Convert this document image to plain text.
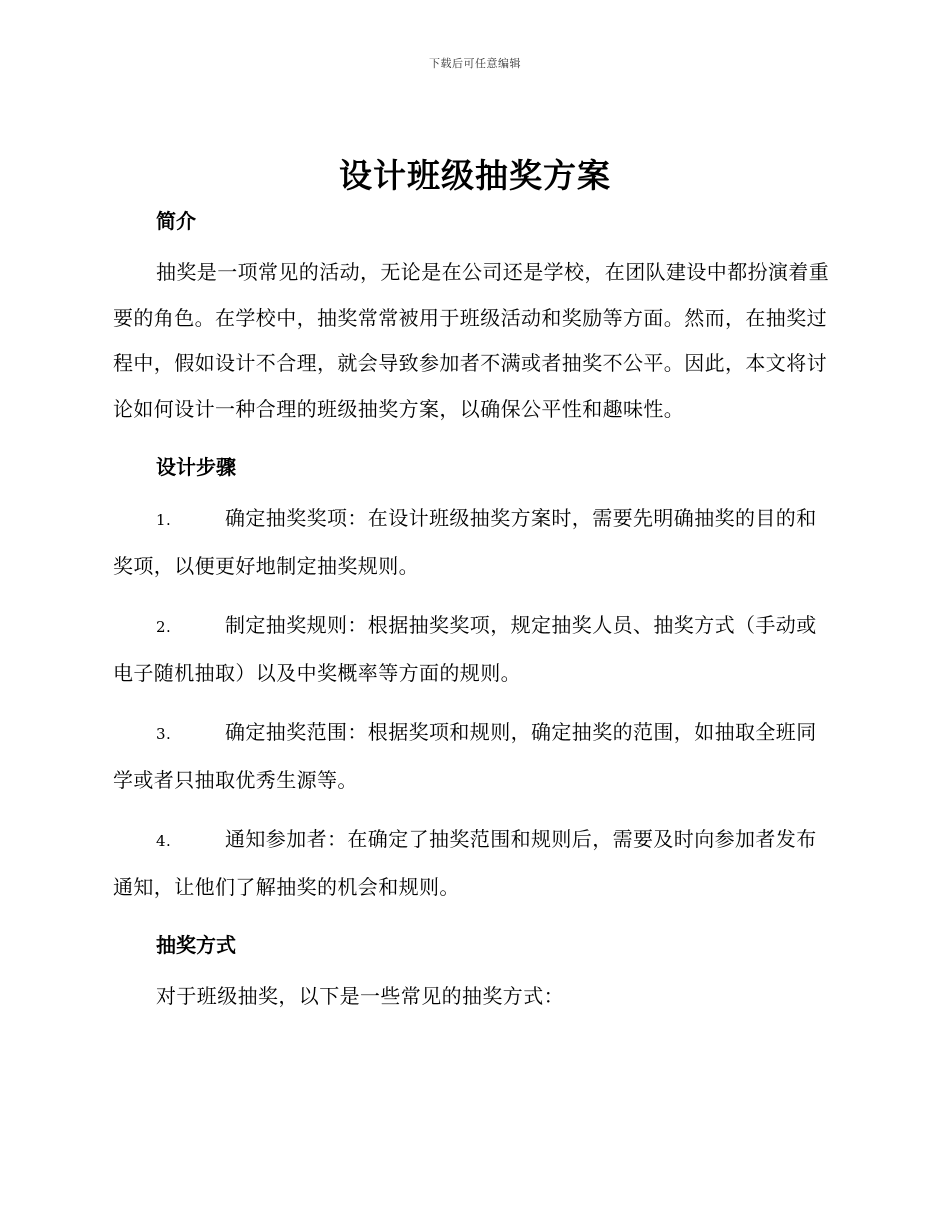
下载后可任意编辑
设计班级抽奖方案

简介

抽奖是一项常见的活动，无论是在公司还是学校，在团队建设中都扮演着重要的角色。在学校中，抽奖常常被用于班级活动和奖励等方面。然而，在抽奖过程中，假如设计不合理，就会导致参加者不满或者抽奖不公平。因此，本文将讨论如何设计一种合理的班级抽奖方案，以确保公平性和趣味性。

设计步骤

1.	确定抽奖奖项：在设计班级抽奖方案时，需要先明确抽奖的目的和奖项，以便更好地制定抽奖规则。

2.	制定抽奖规则：根据抽奖奖项，规定抽奖人员、抽奖方式（手动或电子随机抽取）以及中奖概率等方面的规则。

3.	确定抽奖范围：根据奖项和规则，确定抽奖的范围，如抽取全班同学或者只抽取优秀生源等。

4.	通知参加者：在确定了抽奖范围和规则后，需要及时向参加者发布通知，让他们了解抽奖的机会和规则。

抽奖方式

对于班级抽奖，以下是一些常见的抽奖方式：
